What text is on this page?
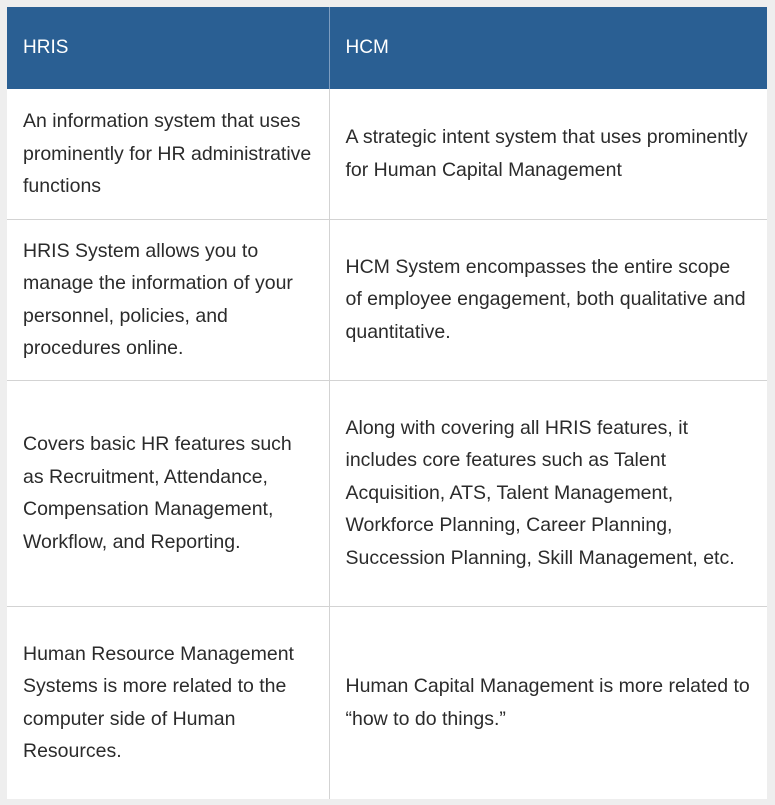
HRIS	HCM

An information system that uses prominently for HR administrative functions	A strategic intent system that uses prominently for Human Capital Management

HRIS System allows you to manage the information of your personnel, policies, and procedures online.	HCM System encompasses the entire scope of employee engagement, both qualitative and quantitative.

Covers basic HR features such as Recruitment, Attendance, Compensation Management, Workflow, and Reporting.	Along with covering all HRIS features, it includes core features such as Talent Acquisition, ATS, Talent Management, Workforce Planning, Career Planning, Succession Planning, Skill Management, etc.

Human Resource Management Systems is more related to the computer side of Human Resources.	Human Capital Management is more related to “how to do things.”
